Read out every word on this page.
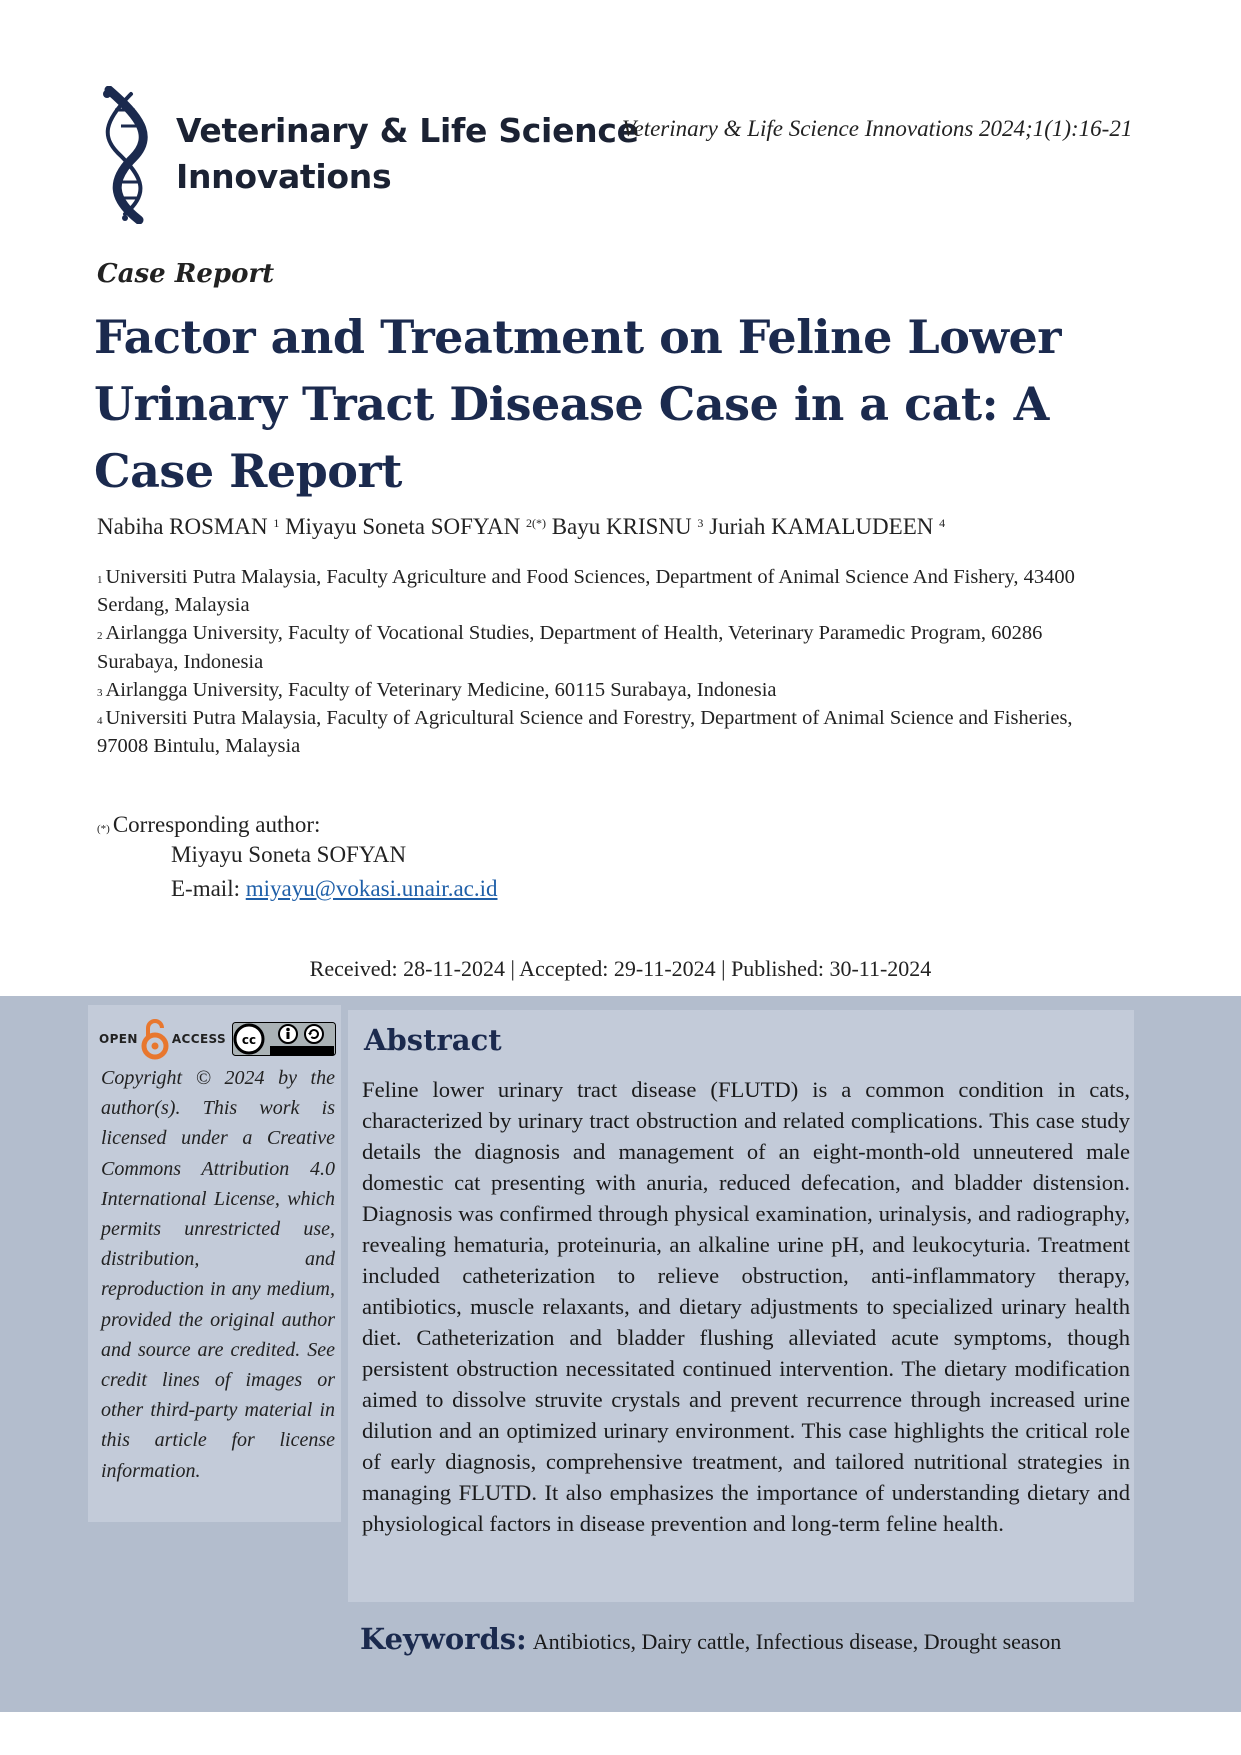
Veterinary & Life Science
Innovations
Veterinary & Life Science Innovations 2024;1(1):16-21
Case Report
Factor and Treatment on Feline Lower Urinary Tract Disease Case in a cat: A Case Report
Nabiha ROSMAN $^1$ Miyayu Soneta SOFYAN $^{2(*)}$ Bayu KRISNU $^3$ Juriah KAMALUDEEN $^4$
$^1$ Universiti Putra Malaysia, Faculty Agriculture and Food Sciences, Department of Animal Science And Fishery, 43400 Serdang, Malaysia
$^2$ Airlangga University, Faculty of Vocational Studies, Department of Health, Veterinary Paramedic Program, 60286 Surabaya, Indonesia
$^3$ Airlangga University, Faculty of Veterinary Medicine, 60115 Surabaya, Indonesia
$^4$ Universiti Putra Malaysia, Faculty of Agricultural Science and Forestry, Department of Animal Science and Fisheries, 97008 Bintulu, Malaysia
(*) Corresponding author:
Miyayu Soneta SOFYAN
E-mail: miyayu@vokasi.unair.ac.id
Received: 28-11-2024 | Accepted: 29-11-2024 | Published: 30-11-2024
OPEN	ACCESS cc
Copyright © 2024 by the author(s). This work is licensed under a Creative Commons Attribution 4.0 International License, which permits unrestricted use, distribution, and reproduction in any medium, provided the original author and source are credited. See credit lines of images or other third-party material in this article for license information.
Abstract
Feline lower urinary tract disease (FLUTD) is a common condition in cats, characterized by urinary tract obstruction and related complications. This case study details the diagnosis and management of an eight-month-old unneutered male domestic cat presenting with anuria, reduced defecation, and bladder distension. Diagnosis was confirmed through physical examination, urinalysis, and radiography, revealing hematuria, proteinuria, an alkaline urine pH, and leukocyturia. Treatment included catheterization to relieve obstruction, anti-inflammatory therapy, antibiotics, muscle relaxants, and dietary adjustments to specialized urinary health diet. Catheterization and bladder flushing alleviated acute symptoms, though persistent obstruction necessitated continued intervention. The dietary modification aimed to dissolve struvite crystals and prevent recurrence through increased urine dilution and an optimized urinary environment. This case highlights the critical role of early diagnosis, comprehensive treatment, and tailored nutritional strategies in managing FLUTD. It also emphasizes the importance of understanding dietary and physiological factors in disease prevention and long-term feline health.
Keywords: Antibiotics, Dairy cattle, Infectious disease, Drought season
